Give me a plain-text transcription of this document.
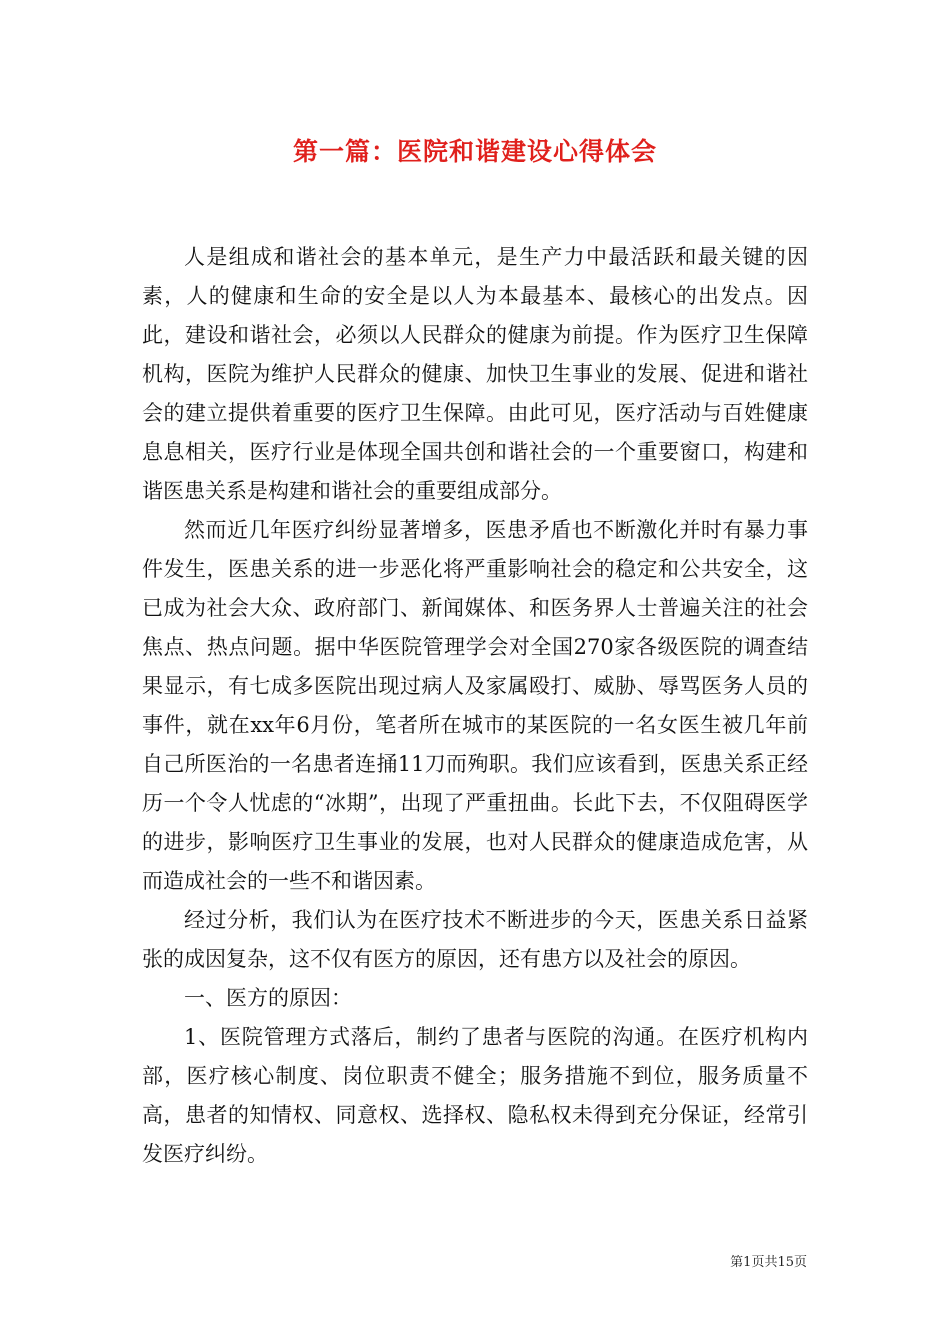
第一篇：医院和谐建设心得体会

人是组成和谐社会的基本单元，是生产力中最活跃和最关键的因素，人的健康和生命的安全是以人为本最基本、最核心的出发点。因此，建设和谐社会，必须以人民群众的健康为前提。作为医疗卫生保障机构，医院为维护人民群众的健康、加快卫生事业的发展、促进和谐社会的建立提供着重要的医疗卫生保障。由此可见，医疗活动与百姓健康息息相关，医疗行业是体现全国共创和谐社会的一个重要窗口，构建和谐医患关系是构建和谐社会的重要组成部分。

然而近几年医疗纠纷显著增多，医患矛盾也不断激化并时有暴力事件发生，医患关系的进一步恶化将严重影响社会的稳定和公共安全，这已成为社会大众、政府部门、新闻媒体、和医务界人士普遍关注的社会焦点、热点问题。据中华医院管理学会对全国270家各级医院的调查结果显示，有七成多医院出现过病人及家属殴打、威胁、辱骂医务人员的事件，就在xx年6月份，笔者所在城市的某医院的一名女医生被几年前自己所医治的一名患者连捅11刀而殉职。我们应该看到，医患关系正经历一个令人忧虑的“冰期”，出现了严重扭曲。长此下去，不仅阻碍医学的进步，影响医疗卫生事业的发展，也对人民群众的健康造成危害，从而造成社会的一些不和谐因素。

经过分析，我们认为在医疗技术不断进步的今天，医患关系日益紧张的成因复杂，这不仅有医方的原因，还有患方以及社会的原因。

一、医方的原因：

1、医院管理方式落后，制约了患者与医院的沟通。在医疗机构内部，医疗核心制度、岗位职责不健全；服务措施不到位，服务质量不高，患者的知情权、同意权、选择权、隐私权未得到充分保证，经常引发医疗纠纷。

第1页共15页
